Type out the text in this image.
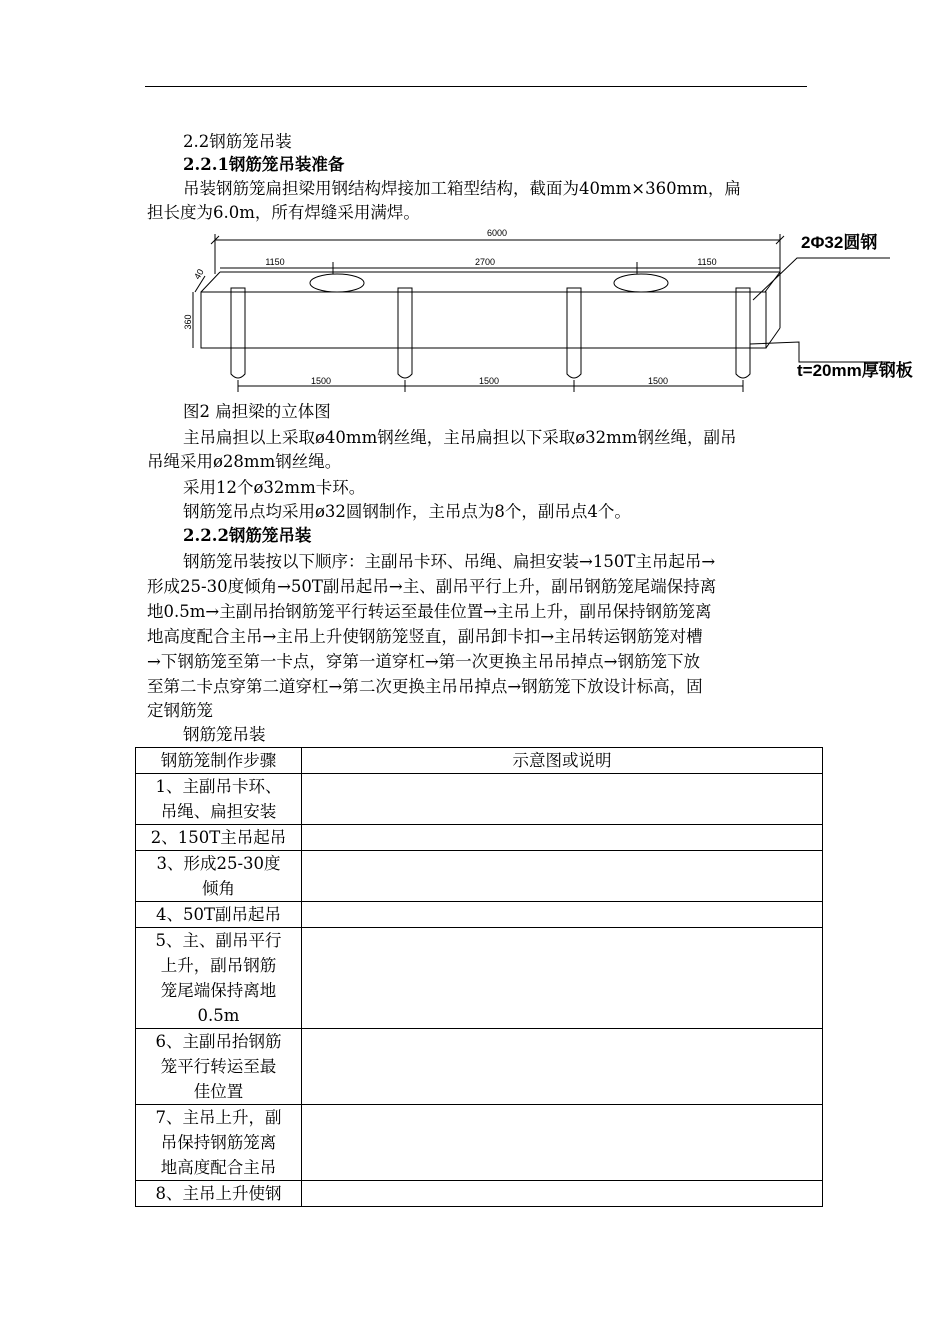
2.2钢筋笼吊装
2.2.1钢筋笼吊装准备
吊装钢筋笼扁担梁用钢结构焊接加工箱型结构，截面为40mm×360mm，扁
担长度为6.0m，所有焊缝采用满焊。
6000
1150	2700	1150
40
360
1500	1500	1500
2Φ32圆钢
t=20mm厚钢板
图2 扁担梁的立体图
主吊扁担以上采取ø40mm钢丝绳，主吊扁担以下采取ø32mm钢丝绳，副吊
吊绳采用ø28mm钢丝绳。
采用12个ø32mm卡环。
钢筋笼吊点均采用ø32圆钢制作，主吊点为8个，副吊点4个。
2.2.2钢筋笼吊装
钢筋笼吊装按以下顺序：主副吊卡环、吊绳、扁担安装→150T主吊起吊→
形成25-30度倾角→50T副吊起吊→主、副吊平行上升，副吊钢筋笼尾端保持离
地0.5m→主副吊抬钢筋笼平行转运至最佳位置→主吊上升，副吊保持钢筋笼离
地高度配合主吊→主吊上升使钢筋笼竖直，副吊卸卡扣→主吊转运钢筋笼对槽
→下钢筋笼至第一卡点，穿第一道穿杠→第一次更换主吊吊掉点→钢筋笼下放
至第二卡点穿第二道穿杠→第二次更换主吊吊掉点→钢筋笼下放设计标高，固
定钢筋笼
钢筋笼吊装
钢筋笼制作步骤	示意图或说明

1、主副吊卡环、
吊绳、扁担安装	

2、150T主吊起吊	

3、形成25-30度
倾角	

4、50T副吊起吊	

5、主、副吊平行
上升，副吊钢筋
笼尾端保持离地
0.5m	

6、主副吊抬钢筋
笼平行转运至最
佳位置	

7、主吊上升，副
吊保持钢筋笼离
地高度配合主吊	

8、主吊上升使钢	
